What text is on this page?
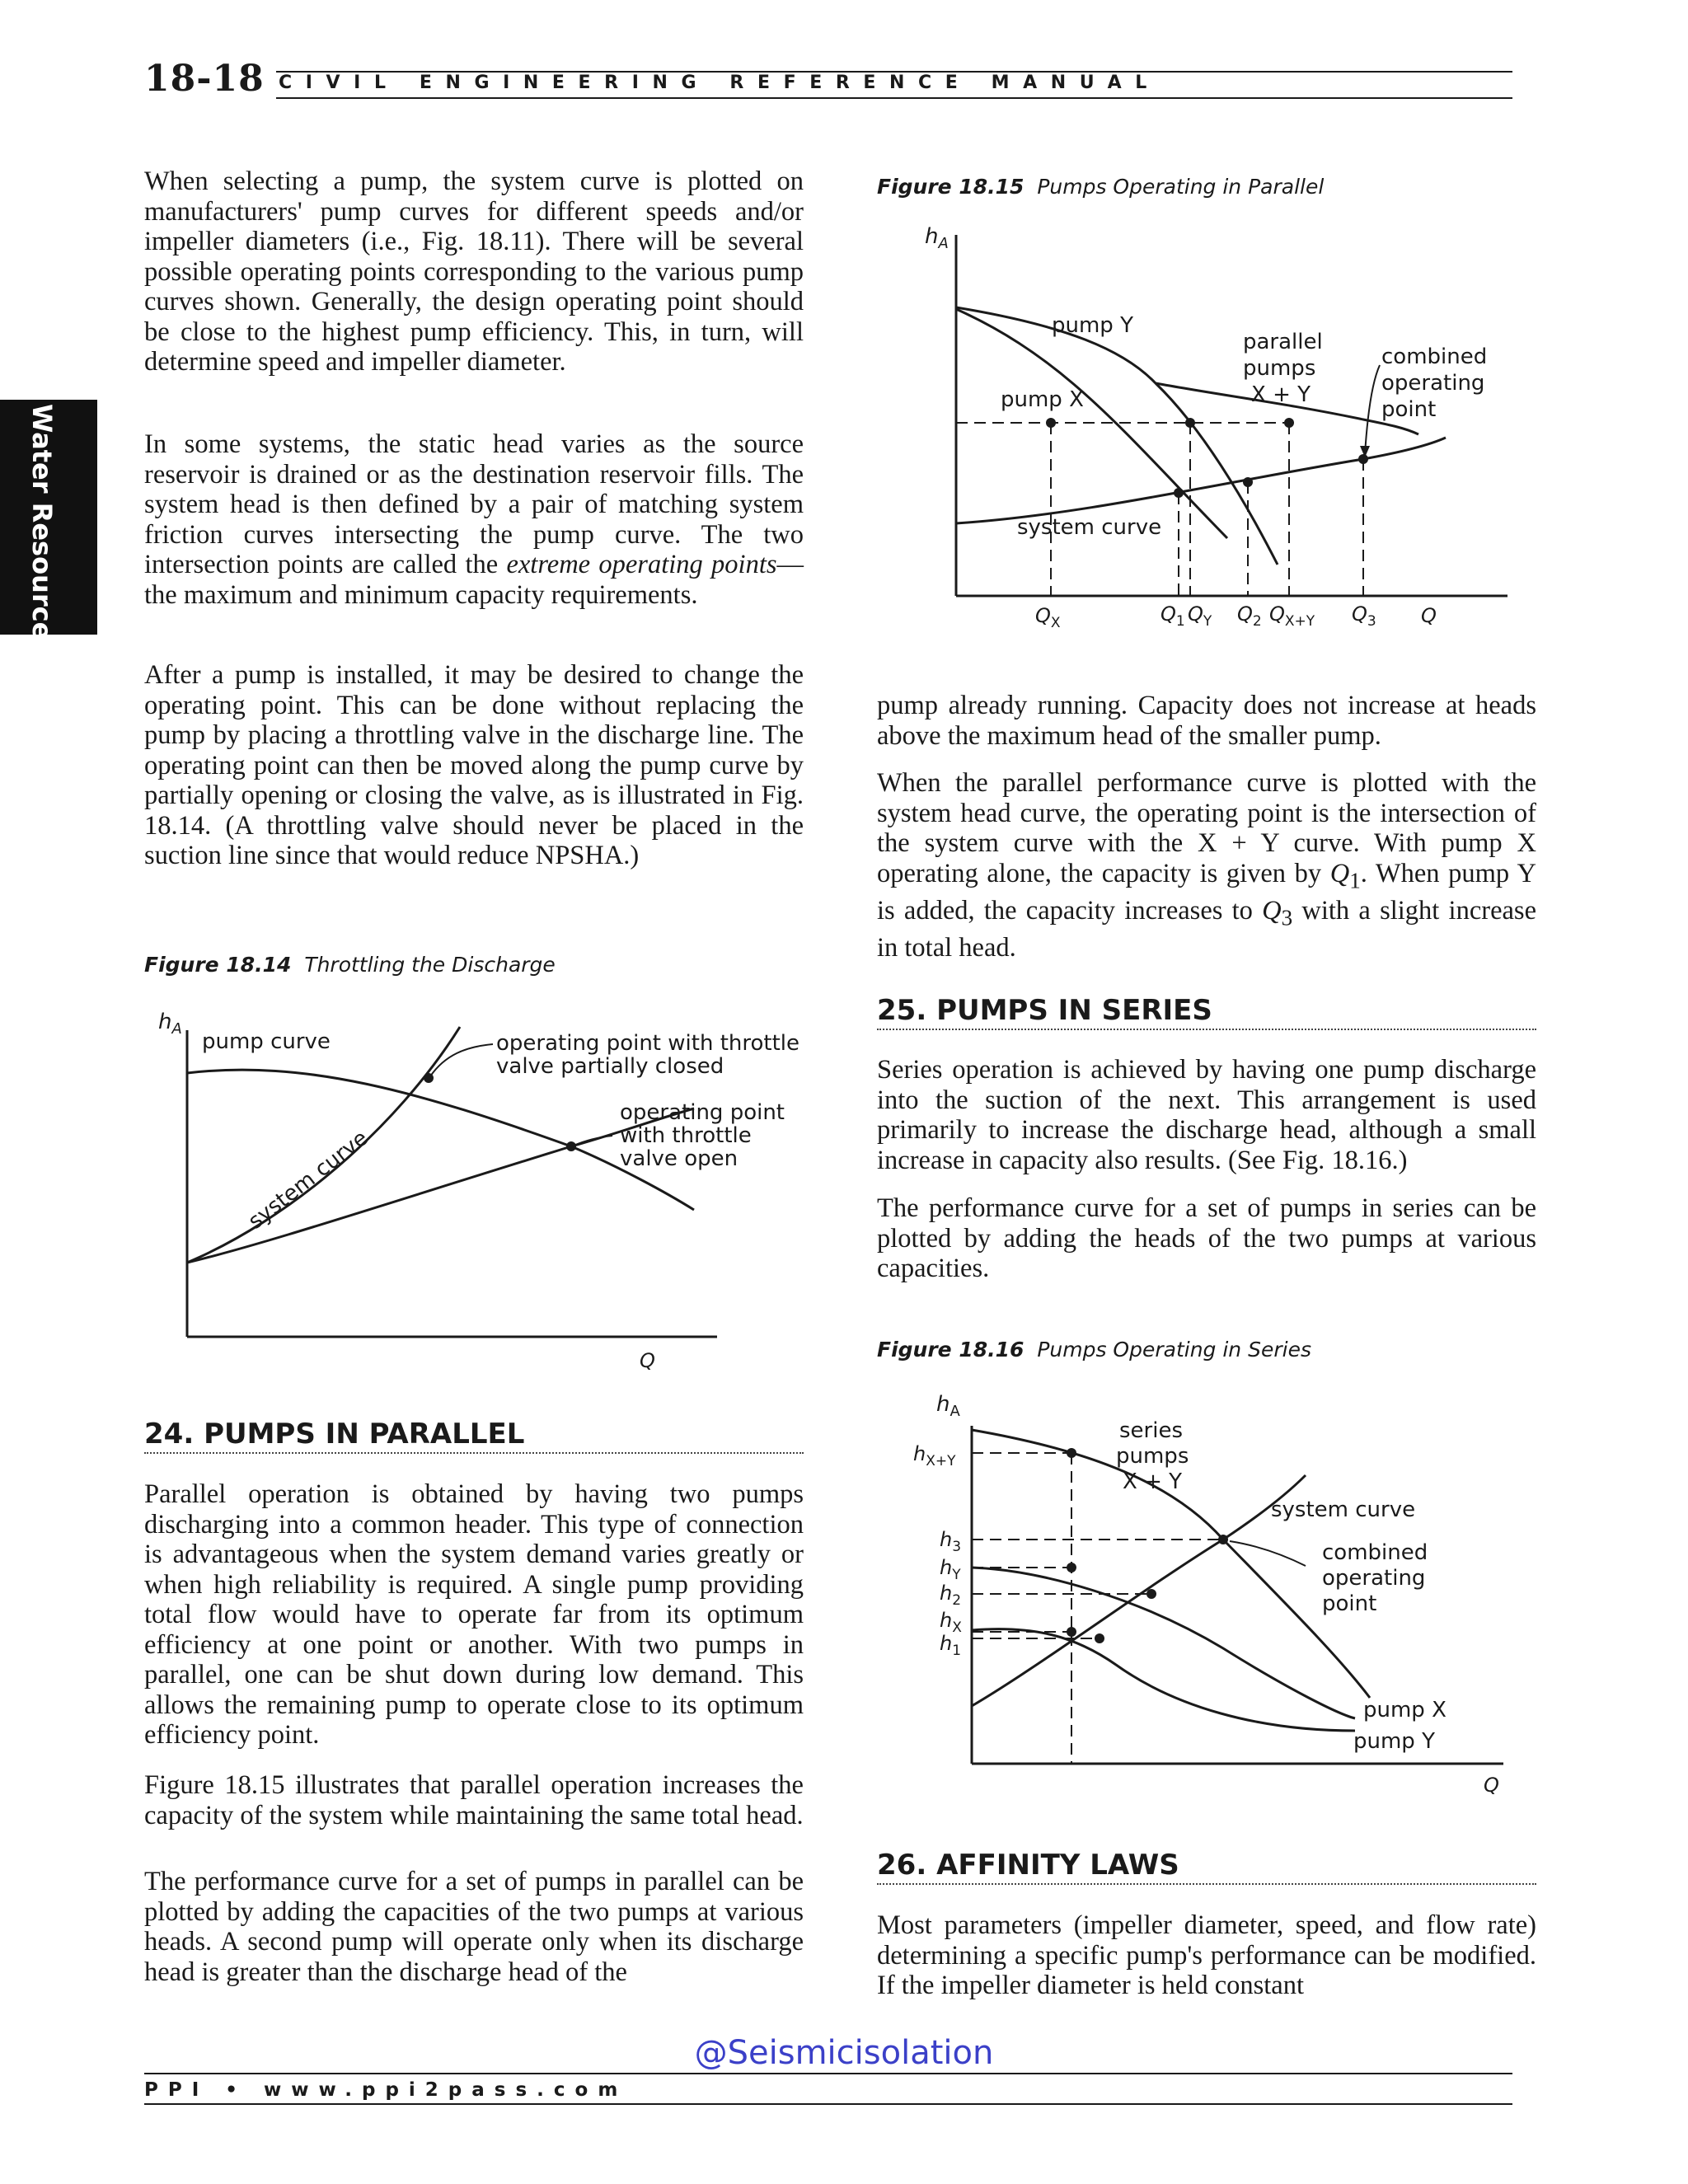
18-18 CIVIL ENGINEERING REFERENCE MANUAL
Water Resources

When selecting a pump, the system curve is plotted on manufacturers' pump curves for different speeds and/or impeller diameters (i.e., Fig. 18.11). There will be several possible operating points corresponding to the various pump curves shown. Generally, the design operating point should be close to the highest pump efficiency. This, in turn, will determine speed and impeller diameter.

In some systems, the static head varies as the source reservoir is drained or as the destination reservoir fills. The system head is then defined by a pair of matching system friction curves intersecting the pump curve. The two intersection points are called the extreme operating points—the maximum and minimum capacity requirements.

After a pump is installed, it may be desired to change the operating point. This can be done without replacing the pump by placing a throttling valve in the discharge line. The operating point can then be moved along the pump curve by partially opening or closing the valve, as is illustrated in Fig. 18.14. (A throttling valve should never be placed in the suction line since that would reduce NPSHA.)

Figure 18.14 Throttling the Discharge
$h_A$
Q
pump curve
system curve
operating point with throttle
valve partially closed
operating point
with throttle
valve open
24. PUMPS IN PARALLEL

Parallel operation is obtained by having two pumps discharging into a common header. This type of connection is advantageous when the system demand varies greatly or when high reliability is required. A single pump providing total flow would have to operate far from its optimum efficiency at one point or another. With two pumps in parallel, one can be shut down during low demand. This allows the remaining pump to operate close to its optimum efficiency point.

Figure 18.15 illustrates that parallel operation increases the capacity of the system while maintaining the same total head.

The performance curve for a set of pumps in parallel can be plotted by adding the capacities of the two pumps at various heads. A second pump will operate only when its discharge head is greater than the discharge head of the

Figure 18.15 Pumps Operating in Parallel
$h_A$
Q
pump Y
pump X
parallel
pumps
X + Y
combined
operating
point
system curve
$Q_X$	$Q_1$ $Q_Y$ $Q_2$ $Q_{X+Y}$ $Q_3$

pump already running. Capacity does not increase at heads above the maximum head of the smaller pump.

When the parallel performance curve is plotted with the system head curve, the operating point is the intersection of the system curve with the X + Y curve. With pump X operating alone, the capacity is given by $Q_1$. When pump Y is added, the capacity increases to $Q_3$ with a slight increase in total head.

25. PUMPS IN SERIES

Series operation is achieved by having one pump discharge into the suction of the next. This arrangement is used primarily to increase the discharge head, although a small increase in capacity also results. (See Fig. 18.16.)

The performance curve for a set of pumps in series can be plotted by adding the heads of the two pumps at various capacities.

Figure 18.16 Pumps Operating in Series
$h_A$
Q
series
pumps
X + Y
system curve
combined
operating
point
pump X
pump Y
$h_{X+Y}$
$h_3$
$h_Y$
$h_2$
$h_X$
$h_1$
26. AFFINITY LAWS

Most parameters (impeller diameter, speed, and flow rate) determining a specific pump's performance can be modified. If the impeller diameter is held constant

@Seismicisolation
PPI • www.ppi2pass.com
